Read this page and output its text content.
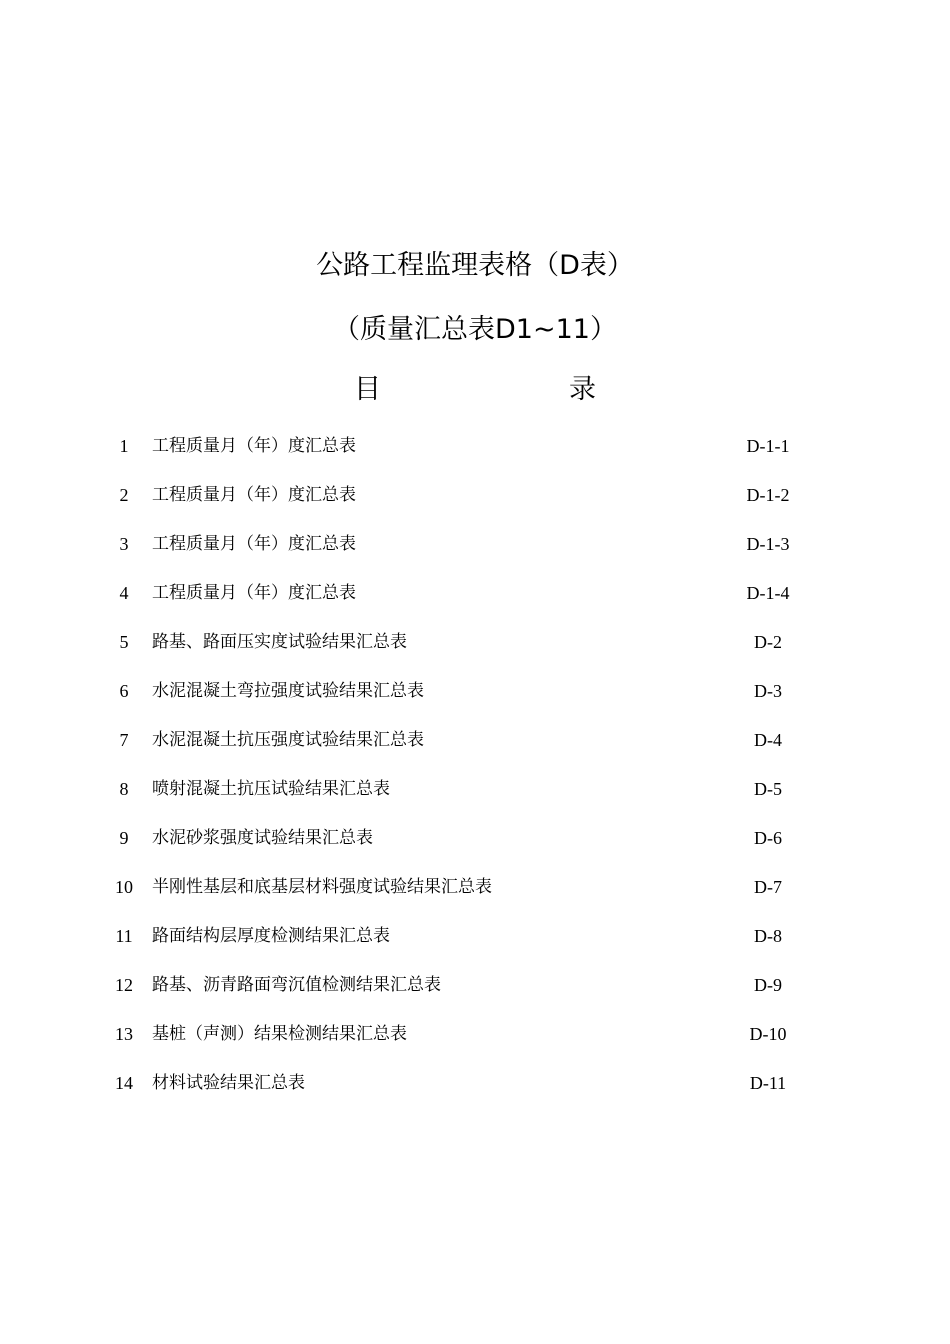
公路工程监理表格（D表）
（质量汇总表D1~11）
目	录
1	工程质量月（年）度汇总表	D-1-1
2	工程质量月（年）度汇总表	D-1-2
3	工程质量月（年）度汇总表	D-1-3
4	工程质量月（年）度汇总表	D-1-4
5	路基、路面压实度试验结果汇总表	D-2
6	水泥混凝土弯拉强度试验结果汇总表	D-3
7	水泥混凝土抗压强度试验结果汇总表	D-4
8	喷射混凝土抗压试验结果汇总表	D-5
9	水泥砂浆强度试验结果汇总表	D-6
10	半刚性基层和底基层材料强度试验结果汇总表	D-7
11	路面结构层厚度检测结果汇总表	D-8
12	路基、沥青路面弯沉值检测结果汇总表	D-9
13	基桩（声测）结果检测结果汇总表	D-10
14	材料试验结果汇总表	D-11
